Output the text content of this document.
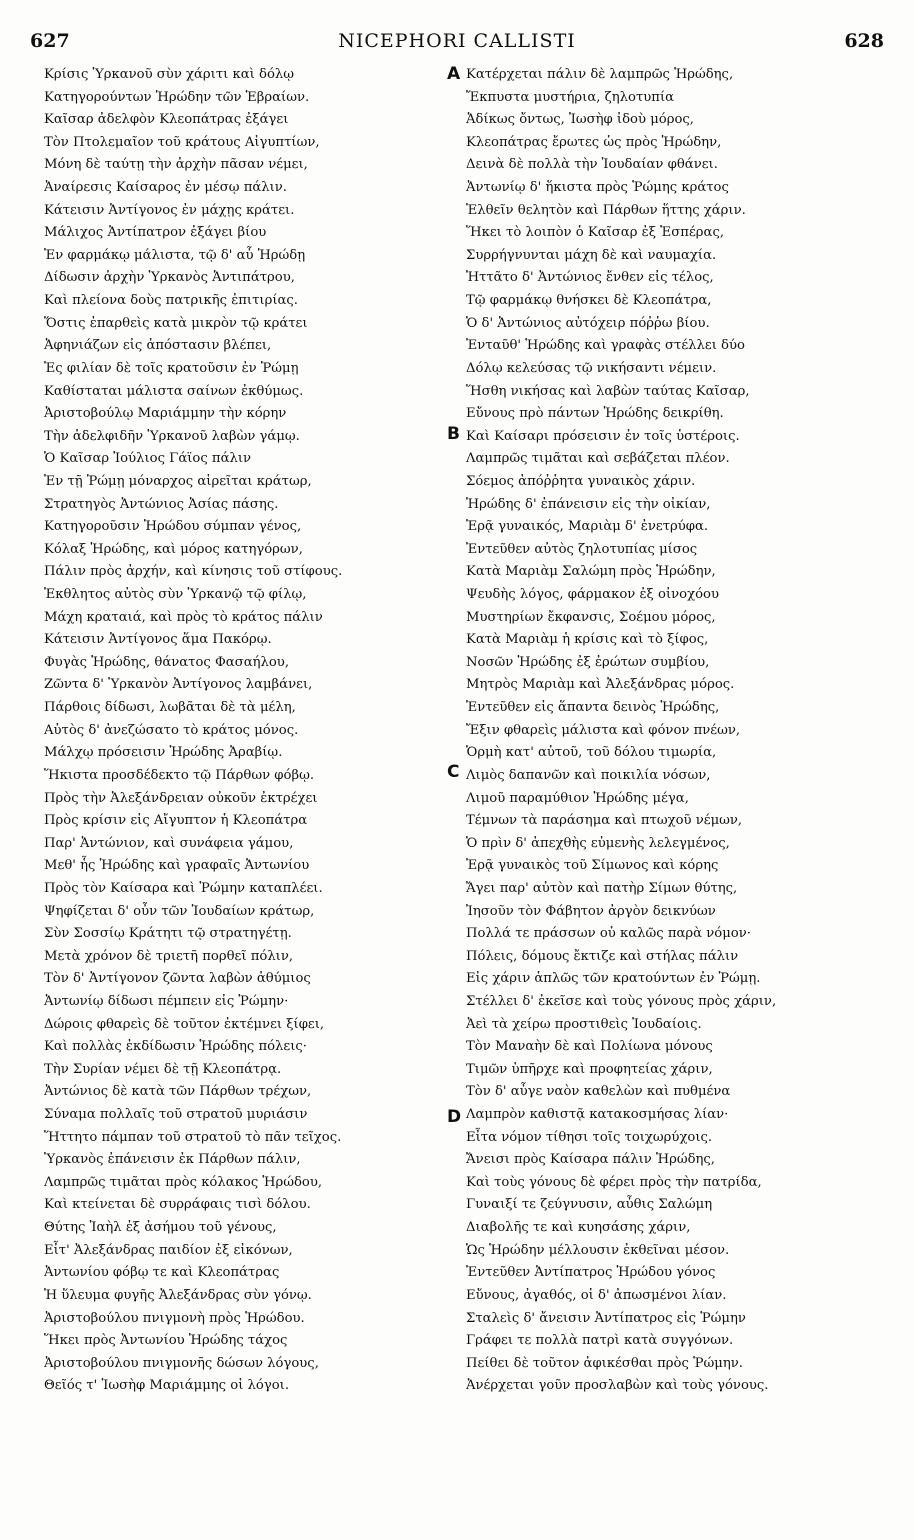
627	NICEPHORI CALLISTI	628
Κρίσις Ὑρκανοῦ σὺν χάριτι καὶ δόλῳ
Κατηγορούντων Ἡρώδην τῶν Ἑβραίων.
Καῖσαρ ἀδελφὸν Κλεοπάτρας ἐξάγει
Τὸν Πτολεμαῖον τοῦ κράτους Αἰγυπτίων,
Μόνη δὲ ταύτῃ τὴν ἀρχὴν πᾶσαν νέμει,
Ἀναίρεσις Καίσαρος ἐν μέσῳ πάλιν.
Κάτεισιν Ἀντίγονος ἐν μάχῃς κράτει.
Μάλιχος Ἀντίπατρον ἐξάγει βίου
Ἐν φαρμάκῳ μάλιστα, τῷ δ' αὖ Ἡρώδῃ
Δίδωσιν ἀρχὴν Ὑρκανὸς Ἀντιπάτρου,
Καὶ πλείονα δοὺς πατρικῆς ἐπιτιρίας.
Ὅστις ἐπαρθεὶς κατὰ μικρὸν τῷ κράτει
Ἀφηνιάζων εἰς ἀπόστασιν βλέπει,
Ἐς φιλίαν δὲ τοῖς κρατοῦσιν ἐν Ῥώμῃ
Καθίσταται μάλιστα σαίνων ἐκθύμως.
Ἀριστοβούλῳ Μαριάμμην τὴν κόρην
Τὴν ἀδελφιδῆν Ὑρκανοῦ λαβὼν γάμῳ.
Ὁ Καῖσαρ Ἰούλιος Γάϊος πάλιν
Ἐν τῇ Ῥώμῃ μόναρχος αἱρεῖται κράτωρ,
Στρατηγὸς Ἀντώνιος Ἀσίας πάσης.
Κατηγοροῦσιν Ἡρώδου σύμπαν γένος,
Κόλαξ Ἡρώδης, καὶ μόρος κατηγόρων,
Πάλιν πρὸς ἀρχήν, καὶ κίνησις τοῦ στίφους.
Ἐκθλητος αὐτὸς σὺν Ὑρκανῷ τῷ φίλῳ,
Μάχη κραταιά, καὶ πρὸς τὸ κράτος πάλιν
Κάτεισιν Ἀντίγονος ἅμα Πακόρῳ.
Φυγὰς Ἡρώδης, θάνατος Φασαήλου,
Ζῶντα δ' Ὑρκανὸν Ἀντίγονος λαμβάνει,
Πάρθοις δίδωσι, λωβᾶται δὲ τὰ μέλη,
Αὐτὸς δ' ἀνεζώσατο τὸ κράτος μόνος.
Μάλχῳ πρόσεισιν Ἡρώδης Ἀραβίῳ.
Ἥκιστα προσδέδεκτο τῷ Πάρθων φόβῳ.
Πρὸς τὴν Ἀλεξάνδρειαν οὐκοῦν ἐκτρέχει
Πρὸς κρίσιν εἰς Αἴγυπτον ἡ Κλεοπάτρα
Παρ' Ἀντώνιον, καὶ συνάφεια γάμου,
Μεθ' ἧς Ἡρώδης καὶ γραφαῖς Ἀντωνίου
Πρὸς τὸν Καίσαρα καὶ Ῥώμην καταπλέει.
Ψηφίζεται δ' οὖν τῶν Ἰουδαίων κράτωρ,
Σὺν Σοσσίῳ Κράτητι τῷ στρατηγέτῃ.
Μετὰ χρόνον δὲ τριετῆ πορθεῖ πόλιν,
Τὸν δ' Ἀντίγονον ζῶντα λαβὼν ἀθύμιος
Ἀντωνίῳ δίδωσι πέμπειν εἰς Ῥώμην·
Δώροις φθαρεὶς δὲ τοῦτον ἐκτέμνει ξίφει,
Καὶ πολλὰς ἐκδίδωσιν Ἡρώδης πόλεις·
Τὴν Συρίαν νέμει δὲ τῇ Κλεοπάτρᾳ.
Ἀντώνιος δὲ κατὰ τῶν Πάρθων τρέχων,
Σύναμα πολλαῖς τοῦ στρατοῦ μυριάσιν
Ἥττητο πάμπαν τοῦ στρατοῦ τὸ πᾶν τεῖχος.
Ὑρκανὸς ἐπάνεισιν ἐκ Πάρθων πάλιν,
Λαμπρῶς τιμᾶται πρὸς κόλακος Ἡρώδου,
Καὶ κτείνεται δὲ συρράφαις τισὶ δόλου.
Θύτης Ἰαὴλ ἐξ ἀσήμου τοῦ γένους,
Εἶτ' Ἀλεξάνδρας παιδίον ἐξ εἰκόνων,
Ἀντωνίου φόβῳ τε καὶ Κλεοπάτρας
Ἡ ὕλευμα φυγῆς Ἀλεξάνδρας σὺν γόνῳ.
Ἀριστοβούλου πνιγμονὴ πρὸς Ἡρώδου.
Ἥκει πρὸς Ἀντωνίου Ἡρώδης τάχος
Ἀριστοβούλου πνιγμονῆς δώσων λόγους,
Θεῖός τ' Ἰωσὴφ Μαριάμμης οἱ λόγοι.
Κατέρχεται πάλιν δὲ λαμπρῶς Ἡρώδης,
Ἔκπυστα μυστήρια, ζηλοτυπία
Ἀδίκως ὄντως, Ἰωσὴφ ἰδοὺ μόρος,
Κλεοπάτρας ἔρωτες ὡς πρὸς Ἡρώδην,
Δεινὰ δὲ πολλὰ τὴν Ἰουδαίαν φθάνει.
Ἀντωνίῳ δ' ἥκιστα πρὸς Ῥώμης κράτος
Ἐλθεῖν θελητὸν καὶ Πάρθων ἥττης χάριν.
Ἥκει τὸ λοιπὸν ὁ Καῖσαρ ἐξ Ἑσπέρας,
Συρρήγνυνται μάχη δὲ καὶ ναυμαχία.
Ἡττᾶτο δ' Ἀντώνιος ἔνθεν εἰς τέλος,
Τῷ φαρμάκῳ θνήσκει δὲ Κλεοπάτρα,
Ὁ δ' Ἀντώνιος αὐτόχειρ πόῤῥω βίου.
Ἐνταῦθ' Ἡρώδης καὶ γραφὰς στέλλει δύο
Δόλῳ κελεύσας τῷ νικήσαντι νέμειν.
Ἥσθη νικήσας καὶ λαβὼν ταύτας Καῖσαρ,
Εὔνους πρὸ πάντων Ἡρώδης δεικρίθη.
Καὶ Καίσαρι πρόσεισιν ἐν τοῖς ὑστέροις.
Λαμπρῶς τιμᾶται καὶ σεβάζεται πλέον.
Σόεμος ἀπόῤῥητα γυναικὸς χάριν.
Ἡρώδης δ' ἐπάνεισιν εἰς τὴν οἰκίαν,
Ἐρᾷ γυναικός, Μαριὰμ δ' ἐνετρύφα.
Ἐντεῦθεν αὐτὸς ζηλοτυπίας μίσος
Κατὰ Μαριὰμ Σαλώμη πρὸς Ἡρώδην,
Ψευδὴς λόγος, φάρμακον ἐξ οἰνοχόου
Μυστηρίων ἔκφανσις, Σοέμου μόρος,
Κατὰ Μαριὰμ ἡ κρίσις καὶ τὸ ξίφος,
Νοσῶν Ἡρώδης ἐξ ἐρώτων συμβίου,
Μητρὸς Μαριὰμ καὶ Ἀλεξάνδρας μόρος.
Ἐντεῦθεν εἰς ἅπαντα δεινὸς Ἡρώδης,
Ἔξιν φθαρεὶς μάλιστα καὶ φόνον πνέων,
Ὁρμὴ κατ' αὐτοῦ, τοῦ δόλου τιμωρία,
Λιμὸς δαπανῶν καὶ ποικιλία νόσων,
Λιμοῦ παραμύθιον Ἡρώδης μέγα,
Τέμνων τὰ παράσημα καὶ πτωχοῦ νέμων,
Ὁ πρὶν δ' ἀπεχθὴς εὐμενὴς λελεγμένος,
Ἐρᾷ γυναικὸς τοῦ Σίμωνος καὶ κόρης
Ἄγει παρ' αὐτὸν καὶ πατὴρ Σίμων θύτης,
Ἰησοῦν τὸν Φάβητον ἀργὸν δεικνύων
Πολλά τε πράσσων οὐ καλῶς παρὰ νόμον·
Πόλεις, δόμους ἔκτιζε καὶ στήλας πάλιν
Εἰς χάριν ἁπλῶς τῶν κρατούντων ἐν Ῥώμῃ.
Στέλλει δ' ἐκεῖσε καὶ τοὺς γόνους πρὸς χάριν,
Ἀεὶ τὰ χείρω προστιθεὶς Ἰουδαίοις.
Τὸν Μαναὴν δὲ καὶ Πολίωνα μόνους
Τιμῶν ὑπῆρχε καὶ προφητείας χάριν,
Τὸν δ' αὖγε ναὸν καθελὼν καὶ πυθμένα
Λαμπρὸν καθιστᾷ κατακοσμήσας λίαν·
Εἶτα νόμον τίθησι τοῖς τοιχωρύχοις.
Ἄνεισι πρὸς Καίσαρα πάλιν Ἡρώδης,
Καὶ τοὺς γόνους δὲ φέρει πρὸς τὴν πατρίδα,
Γυναιξί τε ζεύγνυσιν, αὖθις Σαλώμη
Διαβολῆς τε καὶ κυησάσης χάριν,
Ὡς Ἡρώδην μέλλουσιν ἐκθεῖναι μέσον.
Ἐντεῦθεν Ἀντίπατρος Ἡρώδου γόνος
Εὔνους, ἀγαθός, οἱ δ' ἀπωσμένοι λίαν.
Σταλεὶς δ' ἄνεισιν Ἀντίπατρος εἰς Ῥώμην
Γράφει τε πολλὰ πατρὶ κατὰ συγγόνων.
Πείθει δὲ τοῦτον ἀφικέσθαι πρὸς Ῥώμην.
Ἀνέρχεται γοῦν προσλαβὼν καὶ τοὺς γόνους.
A
B
C
D
